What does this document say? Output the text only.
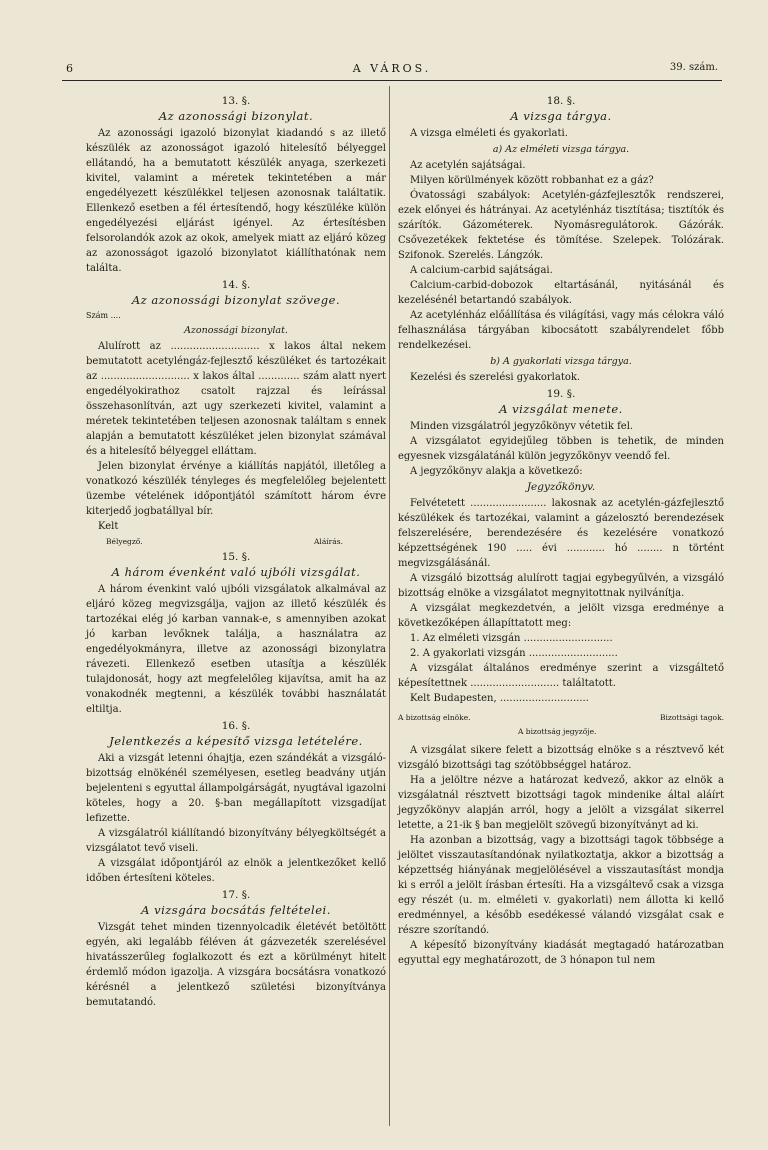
6	A VÁROS.	39. szám.
13. §.
Az azonossági bizonylat.

Az azonossági igazoló bizonylat kiadandó s az illető készülék az azonosságot igazoló hitelesítő bélyeggel ellátandó, ha a bemutatott készülék anyaga, szerkezeti kivitel, valamint a méretek tekintetében a már engedélyezett készülékkel teljesen azonosnak találtatik. Ellenkező esetben a fél értesítendő, hogy készüléke külön engedélyezési eljárást igényel. Az értesítésben felsorolandók azok az okok, amelyek miatt az eljáró közeg az azonosságot igazoló bizonylatot kiállíthatónak nem találta.

14. §.
Az azonossági bizonylat szövege.
Szám ....
Azonossági bizonylat.

Alulírott az ............................ x lakos által nekem bemutatott acetyléngáz-fejlesztő készüléket és tartozékait az ............................ x lakos által ............. szám alatt nyert engedélyokirathoz csatolt rajzzal és leírással összehasonlítván, azt ugy szerkezeti kivitel, valamint a méretek tekintetében teljesen azonosnak találtam s ennek alapján a bemutatott készüléket jelen bizonylat számával és a hitelesítő bélyeggel elláttam.

Jelen bizonylat érvénye a kiállítás napjától, illetőleg a vonatkozó készülék tényleges és megfelelőleg bejelentett üzembe vételének időpontjától számított három évre kiterjedő jogbatállyal bír.

Kelt

Bélyegző.	Aláírás.
15. §.
A három évenként való ujbóli vizsgálat.

A három évenkint való ujbóli vizsgálatok alkalmával az eljáró közeg megvizsgálja, vajjon az illető készülék és tartozékai elég jó karban vannak-e, s amennyiben azokat jó karban levőknek találja, a használatra az engedélyokmányra, illetve az azonossági bizonylatra rávezeti. Ellenkező esetben utasítja a készülék tulajdonosát, hogy azt megfelelőleg kijavítsa, amit ha az vonakodnék megtenni, a készülék további használatát eltiltja.

16. §.
Jelentkezés a képesítő vizsga letételére.

Aki a vizsgát letenni óhajtja, ezen szándékát a vizsgáló-bizottság elnökénél személyesen, esetleg beadvány utján bejelenteni s egyuttal állampolgárságát, nyugtával igazolni köteles, hogy a 20. §-ban megállapított vizsgadíjat lefizette.

A vizsgálatról kiállítandó bizonyítvány bélyegköltségét a vizsgálatot tevő viseli.

A vizsgálat időpontjáról az elnök a jelentkezőket kellő időben értesíteni köteles.

17. §.
A vizsgára bocsátás feltételei.

Vizsgát tehet minden tizennyolcadik életévét betöltött egyén, aki legalább féléven át gázvezeték szerelésével hivatásszerűleg foglalkozott és ezt a körülményt hitelt érdemlő módon igazolja. A vizsgára bocsátásra vonatkozó kérésnél a jelentkező születési bizonyítványa bemutatandó.

18. §.
A vizsga tárgya.

A vizsga elméleti és gyakorlati.

a) Az elméleti vizsga tárgya.

Az acetylén sajátságai.

Milyen körülmények között robbanhat ez a gáz?

Óvatossági szabályok: Acetylén-gázfejlesztők rendszerei, ezek előnyei és hátrányai. Az acetylénház tisztítása; tisztítók és szárítók. Gázométerek. Nyomásregulátorok. Gázórák. Csővezetékek fektetése és tömítése. Szelepek. Tolózárak. Szifonok. Szerelés. Lángzók.

A calcium-carbid sajátságai.

Calcium-carbid-dobozok eltartásánál, nyitásánál és kezelésénél betartandó szabályok.

Az acetylénház előállítása és világítási, vagy más célokra váló felhasználása tárgyában kibocsátott szabályrendelet főbb rendelkezései.

b) A gyakorlati vizsga tárgya.

Kezelési és szerelési gyakorlatok.

19. §.
A vizsgálat menete.

Minden vizsgálatról jegyzőkönyv vétetik fel.

A vizsgálatot egyidejűleg többen is tehetik, de minden egyesnek vizsgálatánál külön jegyzőkönyv veendő fel.

A jegyzőkönyv alakja a következő:

Jegyzőkönyv.

Felvétetett ........................ lakosnak az acetylén-gázfejlesztő készülékek és tartozékai, valamint a gázelosztó berendezések felszerelésére, berendezésére és kezelésére vonatkozó képzettségének 190 ..... évi ............ hó ........ n történt megvizsgálásánál.

A vizsgáló bizottság alulírott tagjai egybegyűlvén, a vizsgáló bizottság elnöke a vizsgálatot megnyitottnak nyilvánítja.

A vizsgálat megkezdetvén, a jelölt vizsga eredménye a következőképen állapíttatott meg:

1. Az elméleti vizsgán ............................

2. A gyakorlati vizsgán ............................

A vizsgálat általános eredménye szerint a vizsgáltető képesítettnek ............................ találtatott.

Kelt Budapesten, ............................

A bizottság elnöke.	Bizottsági tagok.
A bizottság jegyzője.

A vizsgálat sikere felett a bizottság elnöke s a résztvevő két vizsgáló bizottsági tag szótöbbséggel határoz.

Ha a jelöltre nézve a határozat kedvező, akkor az elnök a vizsgálatnál résztvett bizottsági tagok mindenike által aláírt jegyzőkönyv alapján arról, hogy a jelölt a vizsgálat sikerrel letette, a 21-ik § ban megjelölt szövegű bizonyítványt ad ki.

Ha azonban a bizottság, vagy a bizottsági tagok többsége a jelöltet visszautasítandónak nyilatkoztatja, akkor a bizottság a képzettség hiányának megjelölésével a visszautasítást mondja ki s erről a jelölt írásban értesíti. Ha a vizsgáltevő csak a vizsga egy részét (u. m. elméleti v. gyakorlati) nem állotta ki kellő eredménnyel, a később esedékessé válandó vizsgálat csak e részre szorítandó.

A képesítő bizonyítvány kiadását megtagadó határozatban egyuttal egy meghatározott, de 3 hónapon tul nem
